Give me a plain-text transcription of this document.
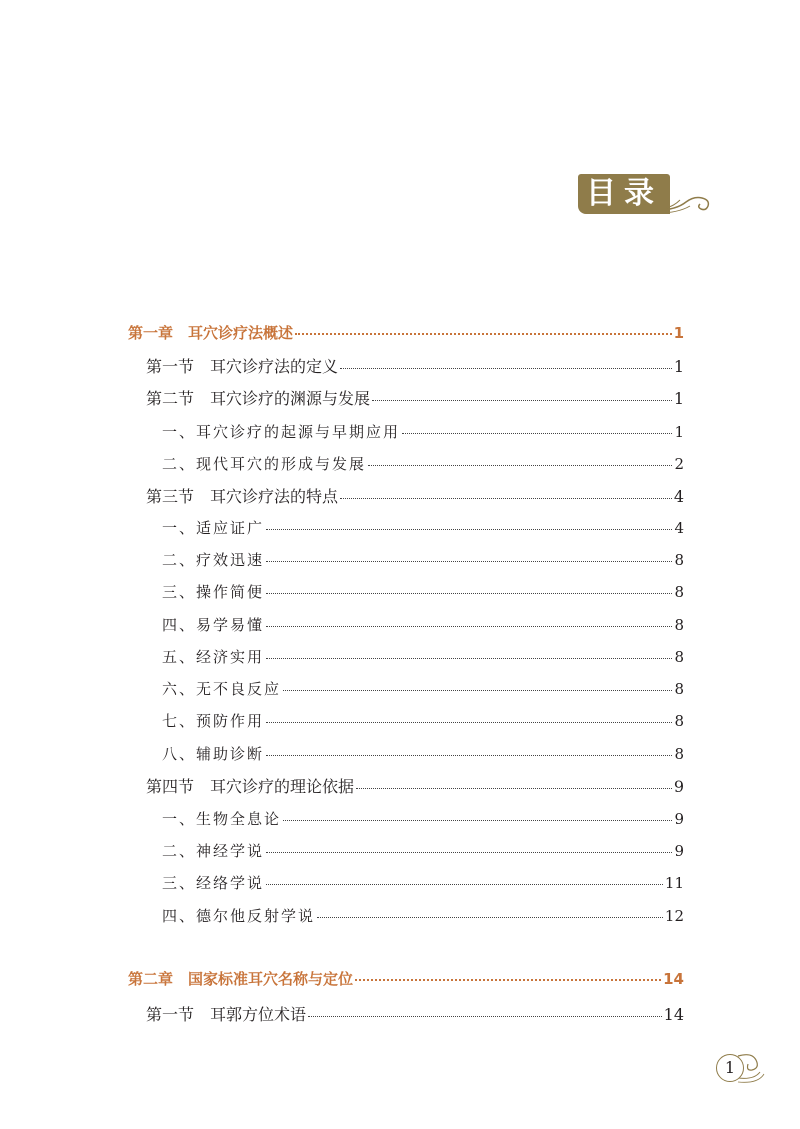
目录
第一章　耳穴诊疗法概述	1
第一节　耳穴诊疗法的定义	1
第二节　耳穴诊疗的渊源与发展	1
一、耳穴诊疗的起源与早期应用	1
二、现代耳穴的形成与发展	2
第三节　耳穴诊疗法的特点	4
一、适应证广	4
二、疗效迅速	8
三、操作简便	8
四、易学易懂	8
五、经济实用	8
六、无不良反应	8
七、预防作用	8
八、辅助诊断	8
第四节　耳穴诊疗的理论依据	9
一、生物全息论	9
二、神经学说	9
三、经络学说	11
四、德尔他反射学说	12
第二章　国家标准耳穴名称与定位	14
第一节　耳郭方位术语	14
1
